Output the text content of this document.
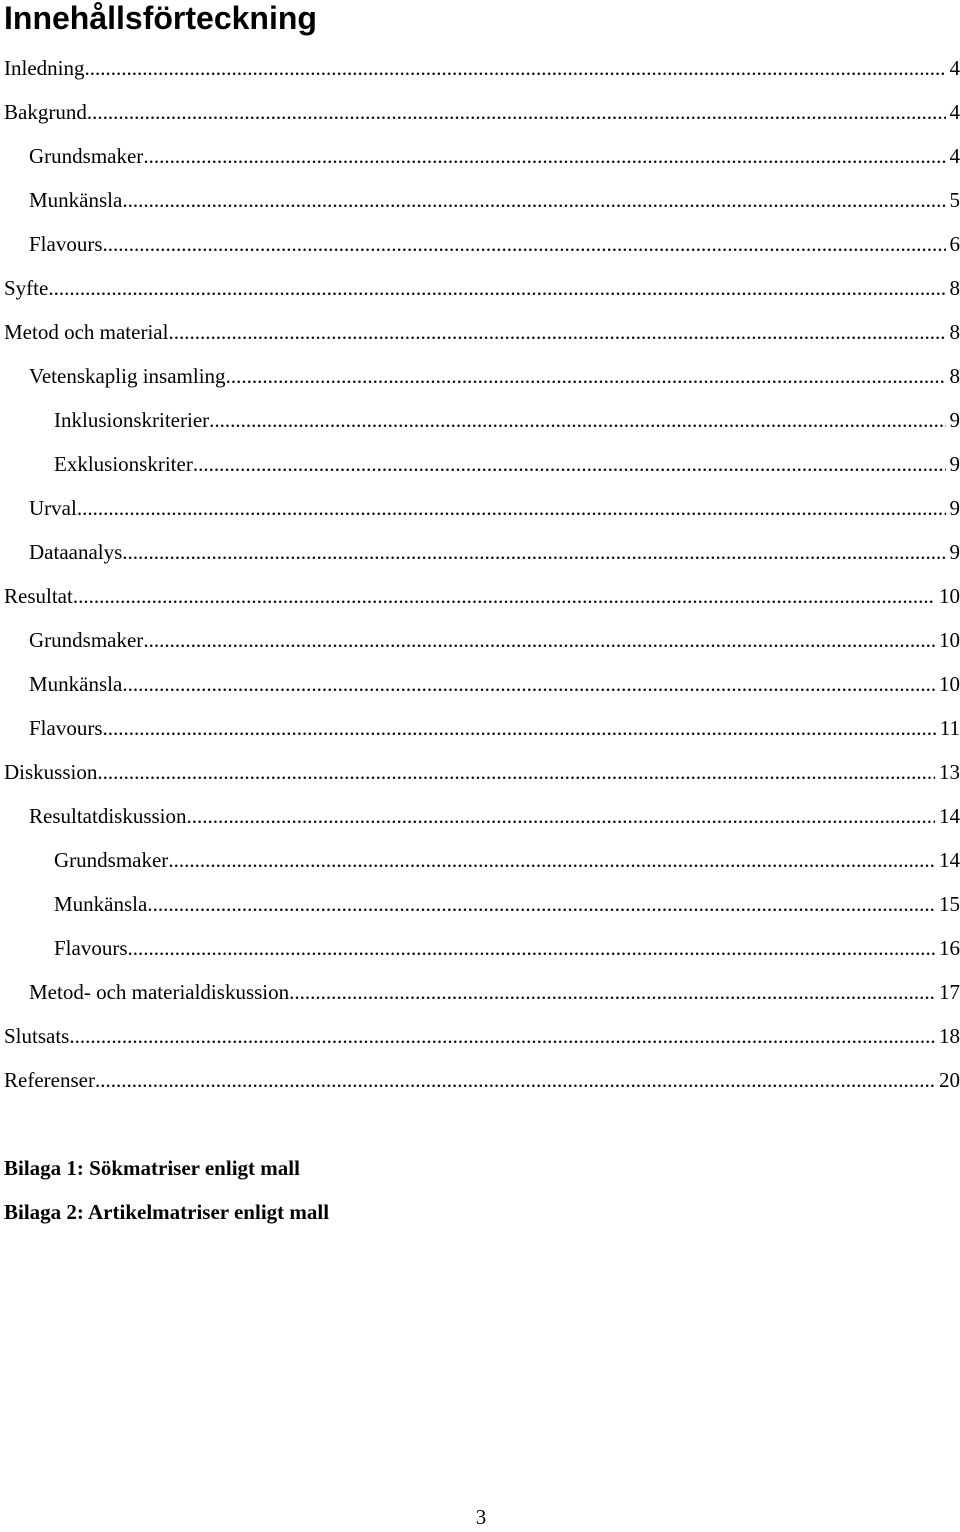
Innehållsförteckning
Inledning .....	4
Bakgrund .....	4
Grundsmaker .....	4
Munkänsla .....	5
Flavours .....	6
Syfte .....	8
Metod och material .....	8
Vetenskaplig insamling .....	8
Inklusionskriterier .....	9
Exklusionskriter .....	9
Urval .....	9
Dataanalys .....	9
Resultat .....	10
Grundsmaker .....	10
Munkänsla .....	10
Flavours .....	11
Diskussion .....	13
Resultatdiskussion .....	14
Grundsmaker .....	14
Munkänsla .....	15
Flavours .....	16
Metod- och materialdiskussion .....	17
Slutsats .....	18
Referenser .....	20
Bilaga 1: Sökmatriser enligt mall
Bilaga 2: Artikelmatriser enligt mall
3
